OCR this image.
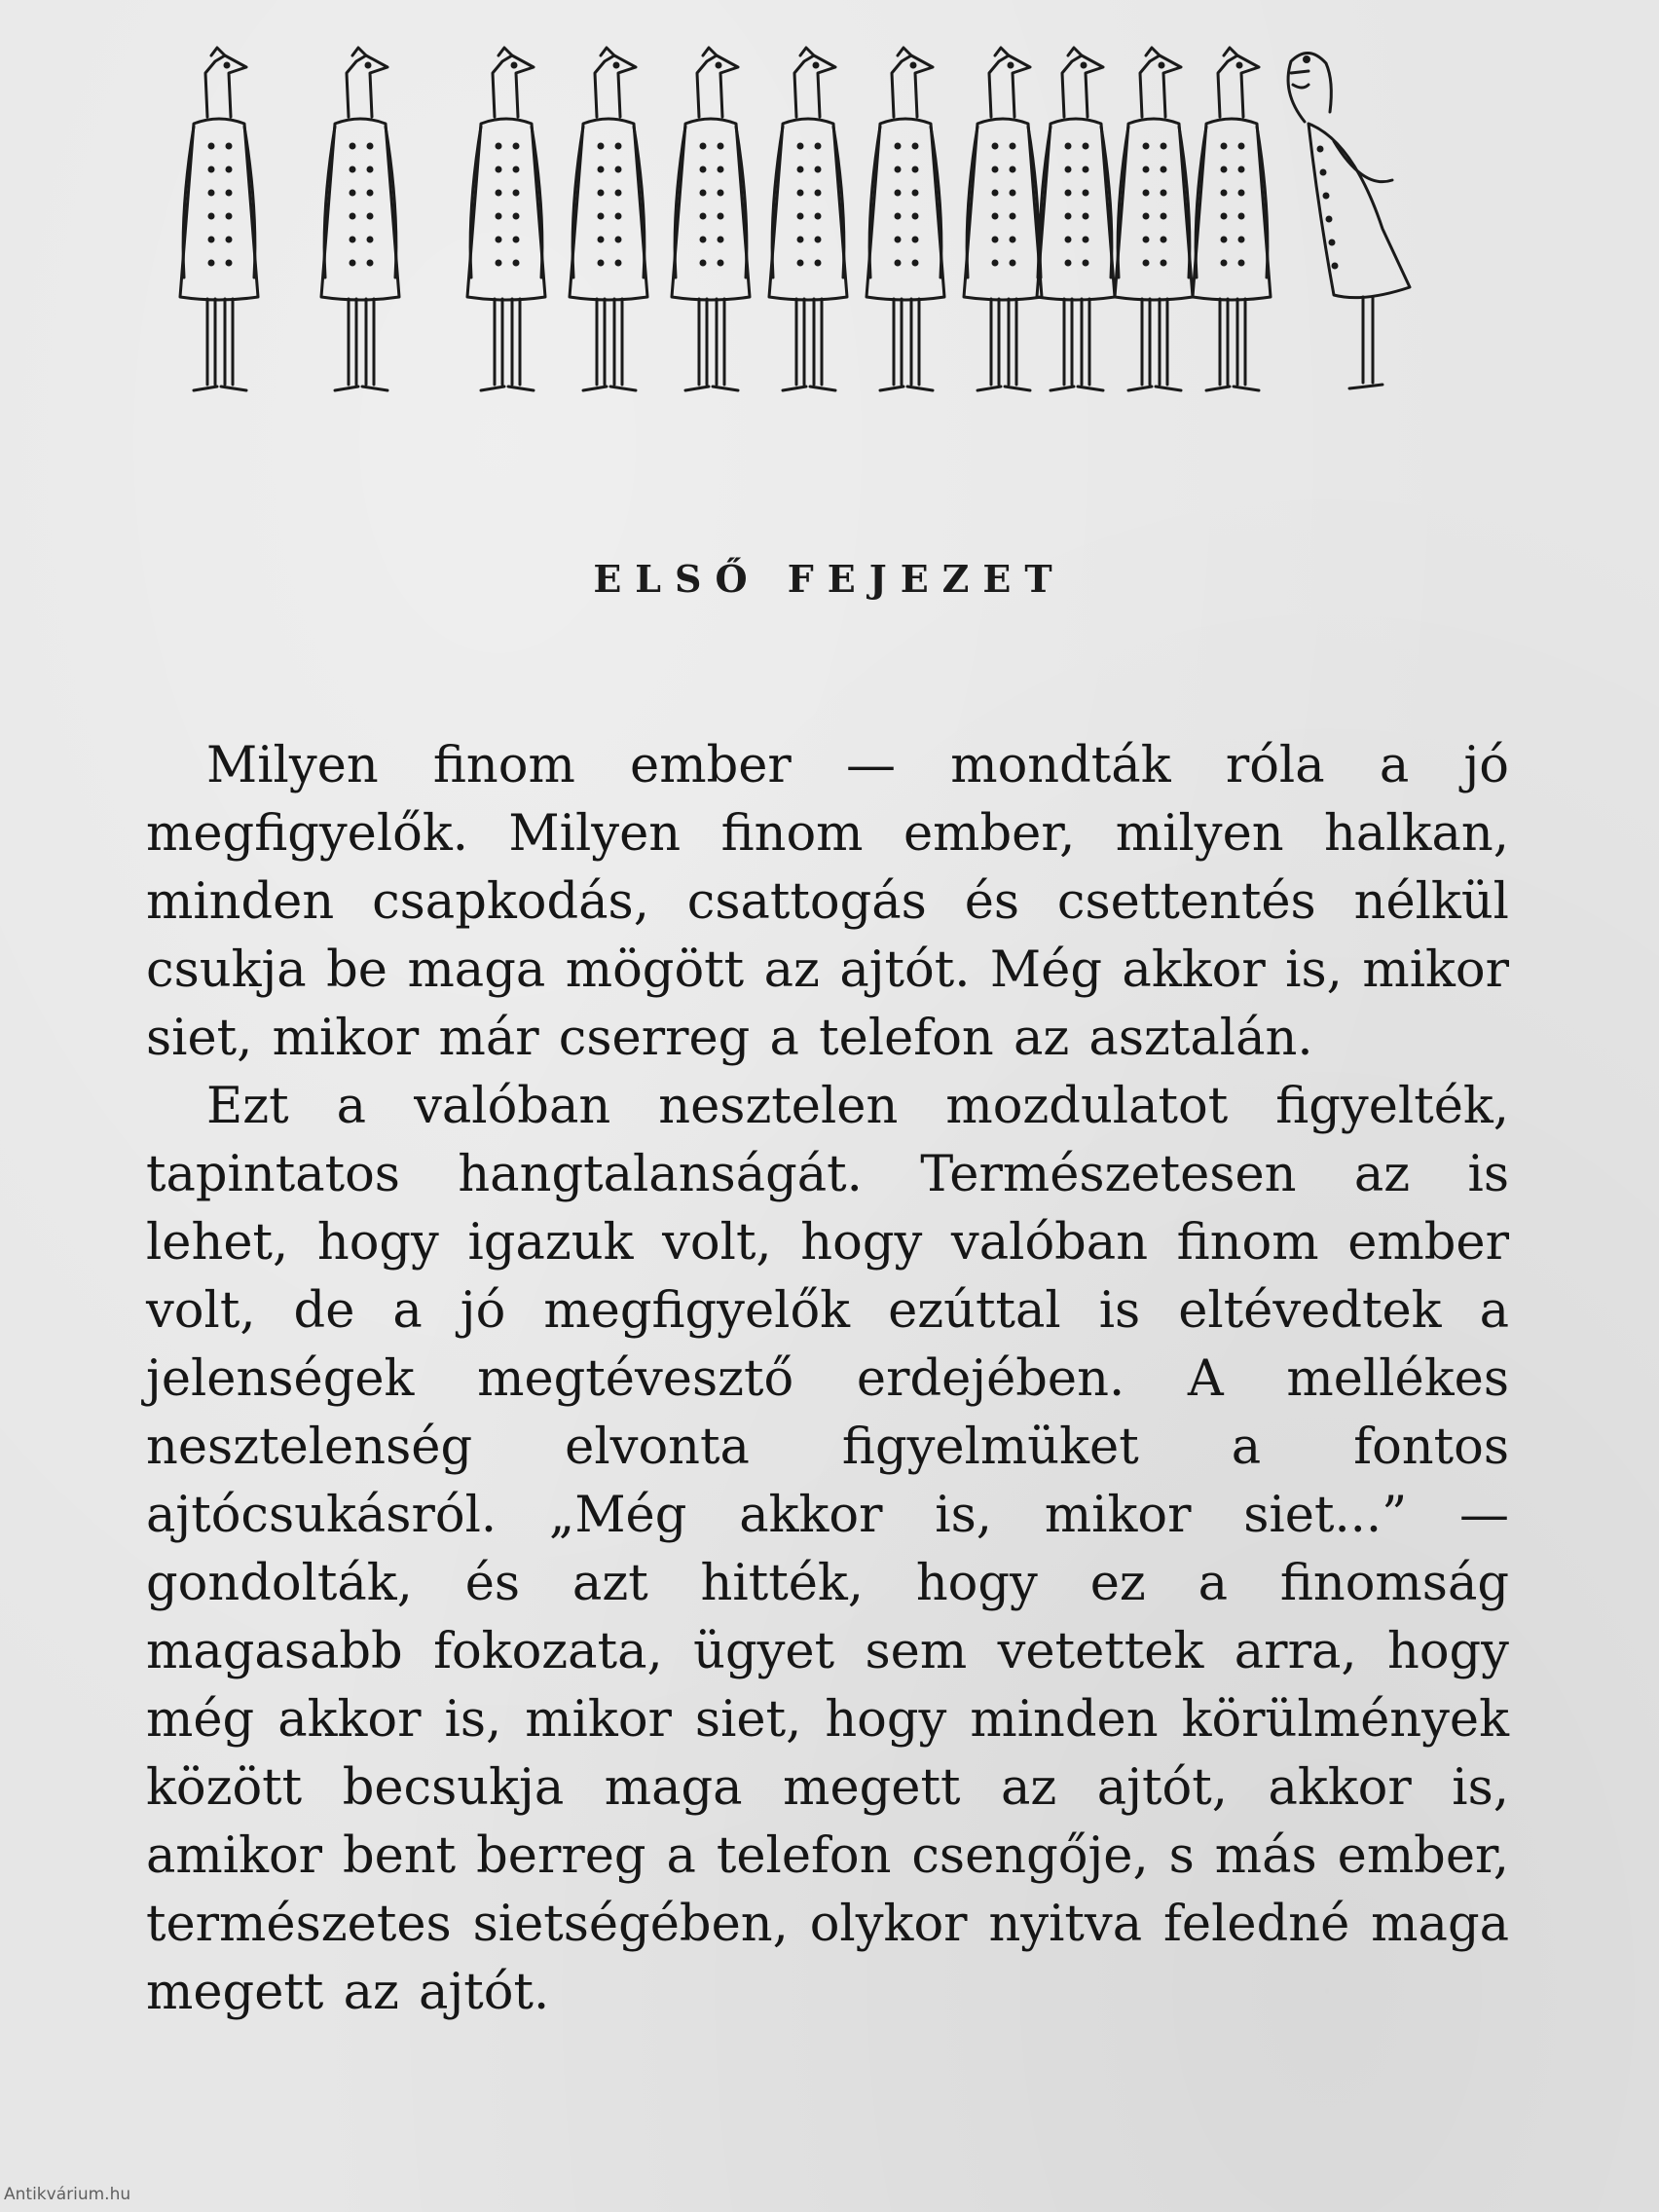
ELSŐ FEJEZET

Milyen finom ember — mondták róla a jó megfigyelők. Milyen finom ember, milyen halkan, minden csapkodás, csattogás és csettentés nélkül csukja be maga mögött az ajtót. Még akkor is, mikor siet, mikor már cserreg a telefon az asztalán.

Ezt a valóban nesztelen mozdulatot figyelték, tapintatos hangtalanságát. Természetesen az is lehet, hogy igazuk volt, hogy valóban finom ember volt, de a jó megfigyelők ezúttal is eltévedtek a jelenségek megtévesztő erdejében. A mellékes nesztelenség elvonta figyelmüket a fontos ajtócsukásról. „Még akkor is, mikor siet...” — gondolták, és azt hitték, hogy ez a finomság magasabb fokozata, ügyet sem vetettek arra, hogy még akkor is, mikor siet, hogy minden körülmények között becsukja maga megett az ajtót, akkor is, amikor bent berreg a telefon csengője, s más ember, természetes sietségében, olykor nyitva feledné maga megett az ajtót.

Antikvárium.hu
